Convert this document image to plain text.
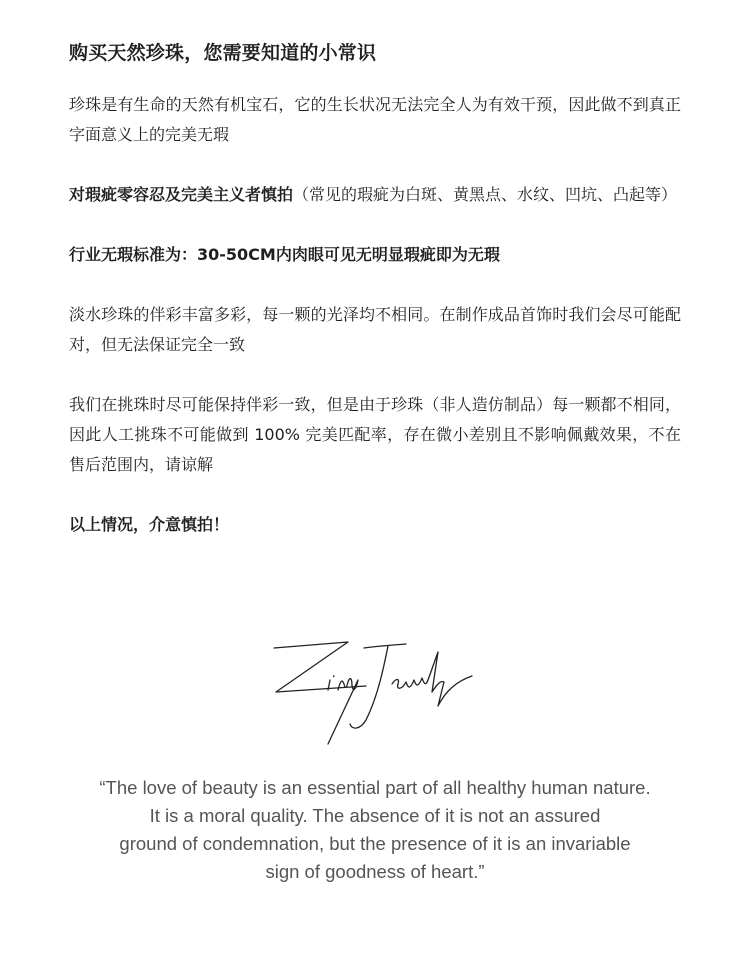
购买天然珍珠，您需要知道的小常识

珍珠是有生命的天然有机宝石，它的生长状况无法完全人为有效干预，因此做不到真正字面意义上的完美无瑕

对瑕疵零容忍及完美主义者慎拍（常见的瑕疵为白斑、黄黑点、水纹、凹坑、凸起等）

行业无瑕标准为：30-50CM内肉眼可见无明显瑕疵即为无瑕

淡水珍珠的伴彩丰富多彩，每一颗的光泽均不相同。在制作成品首饰时我们会尽可能配对，但无法保证完全一致

我们在挑珠时尽可能保持伴彩一致，但是由于珍珠（非人造仿制品）每一颗都不相同，因此人工挑珠不可能做到 100% 完美匹配率，存在微小差别且不影响佩戴效果，不在售后范围内，请谅解

以上情况，介意慎拍！

“The love of beauty is an essential part of all healthy human nature.
It is a moral quality. The absence of it is not an assured
ground of condemnation, but the presence of it is an invariable
sign of goodness of heart.”
